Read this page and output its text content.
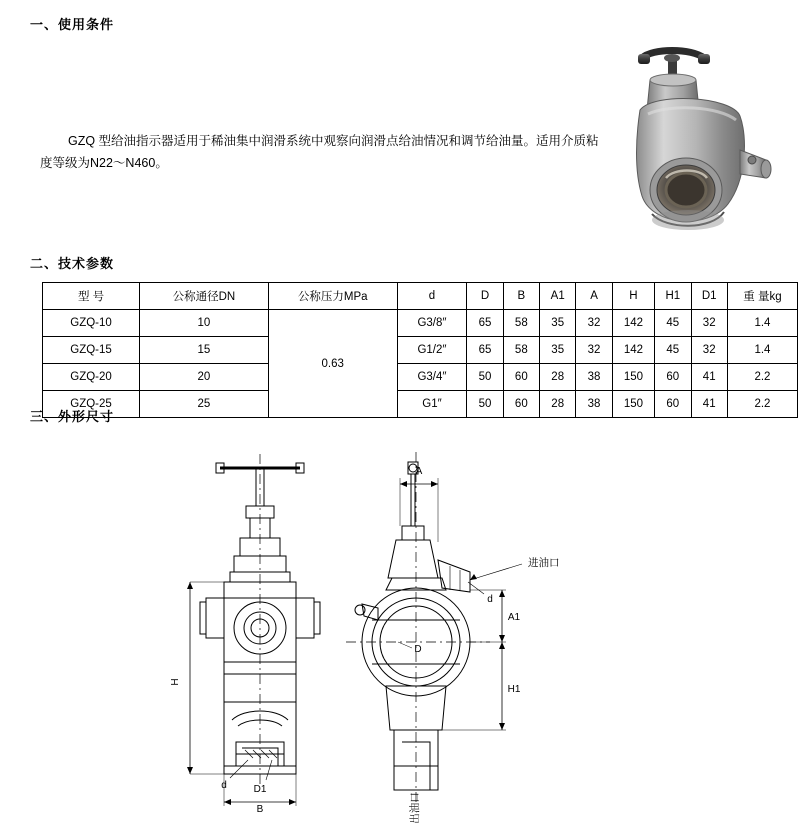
一、使用条件
GZQ 型给油指示器适用于稀油集中润滑系统中观察向润滑点给油情况和调节给油量。适用介质粘度等级为N22～N460。
二、技术参数
型 号	公称通径DN	公称压力MPa	d	D	B	A1	A	H	H1	D1	重 量kg
GZQ-10	10	0.63	G3/8″	65	58	35	32	142	45	32	1.4
GZQ-15	15		G1/2″	65	58	35	32	142	45	32	1.4
GZQ-20	20		G3/4″	50	60	28	38	150	60	41	2.2
GZQ-25	25		G1″	50	60	28	38	150	60	41	2.2
三、外形尺寸
H
B
d	D1
A
d
A1
H1
D
进油口
出油口
